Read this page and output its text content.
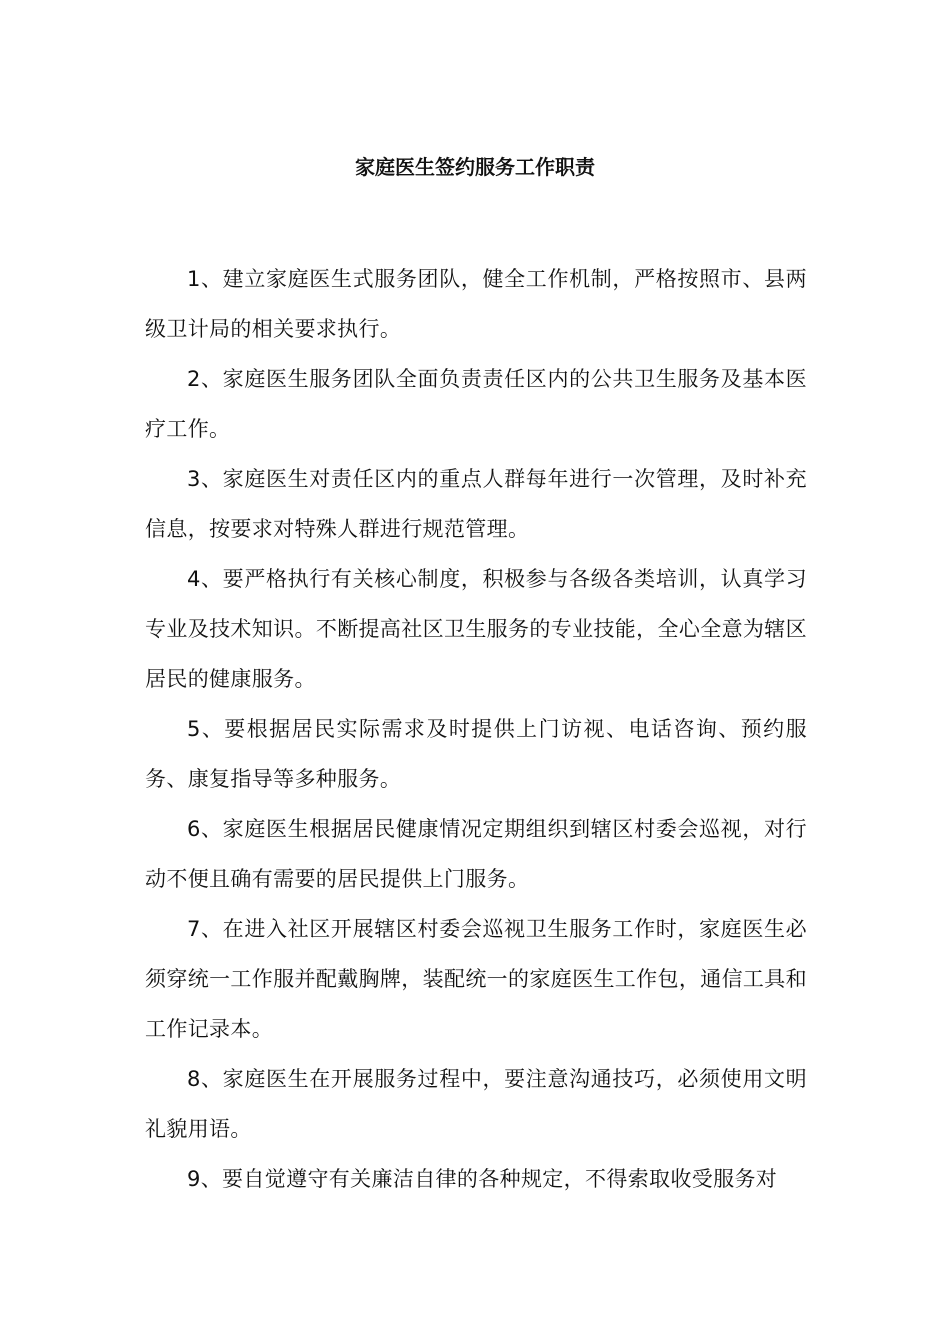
家庭医生签约服务工作职责

1、建立家庭医生式服务团队，健全工作机制，严格按照市、县两级卫计局的相关要求执行。

2、家庭医生服务团队全面负责责任区内的公共卫生服务及基本医疗工作。

3、家庭医生对责任区内的重点人群每年进行一次管理，及时补充信息，按要求对特殊人群进行规范管理。

4、要严格执行有关核心制度，积极参与各级各类培训，认真学习专业及技术知识。不断提高社区卫生服务的专业技能，全心全意为辖区居民的健康服务。

5、要根据居民实际需求及时提供上门访视、电话咨询、预约服务、康复指导等多种服务。

6、家庭医生根据居民健康情况定期组织到辖区村委会巡视，对行动不便且确有需要的居民提供上门服务。

7、在进入社区开展辖区村委会巡视卫生服务工作时，家庭医生必须穿统一工作服并配戴胸牌，装配统一的家庭医生工作包，通信工具和工作记录本。

8、家庭医生在开展服务过程中，要注意沟通技巧，必须使用文明礼貌用语。

9、要自觉遵守有关廉洁自律的各种规定，不得索取收受服务对
